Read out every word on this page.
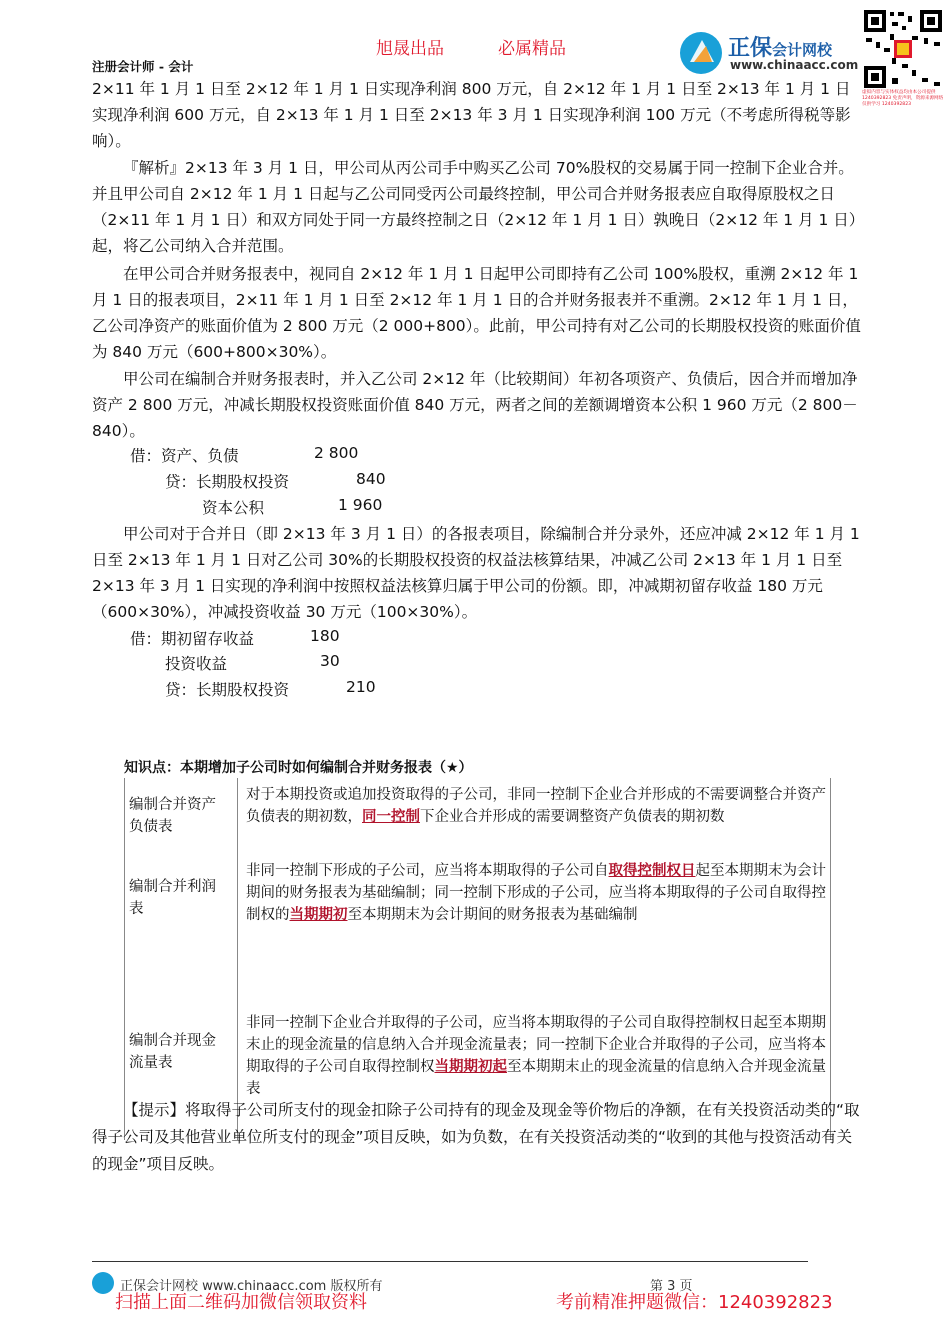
旭晟出品	必属精品
注册会计师 - 会计
正保会计网校
www.chinaacc.com
虚拟内容与实体权益均由本公司提供 1240392823 免责声明，资源来源网络仅供学习 1240392823

2×11 年 1 月 1 日至 2×12 年 1 月 1 日实现净利润 800 万元，自 2×12 年 1 月 1 日至 2×13 年 1 月 1 日实现净利润 600 万元，自 2×13 年 1 月 1 日至 2×13 年 3 月 1 日实现净利润 100 万元（不考虑所得税等影响）。

『解析』2×13 年 3 月 1 日，甲公司从丙公司手中购买乙公司 70%股权的交易属于同一控制下企业合并。并且甲公司自 2×12 年 1 月 1 日起与乙公司同受丙公司最终控制，甲公司合并财务报表应自取得原股权之日（2×11 年 1 月 1 日）和双方同处于同一方最终控制之日（2×12 年 1 月 1 日）孰晚日（2×12 年 1 月 1 日）起，将乙公司纳入合并范围。

在甲公司合并财务报表中，视同自 2×12 年 1 月 1 日起甲公司即持有乙公司 100%股权，重溯 2×12 年 1 月 1 日的报表项目，2×11 年 1 月 1 日至 2×12 年 1 月 1 日的合并财务报表并不重溯。2×12 年 1 月 1 日，乙公司净资产的账面价值为 2 800 万元（2 000+800）。此前，甲公司持有对乙公司的长期股权投资的账面价值为 840 万元（600+800×30%）。

甲公司在编制合并财务报表时，并入乙公司 2×12 年（比较期间）年初各项资产、负债后，因合并而增加净资产 2 800 万元，冲减长期股权投资账面价值 840 万元，两者之间的差额调增资本公积 1 960 万元（2 800－840）。

借：资产、负债	2 800
贷：长期股权投资	840
资本公积	1 960

甲公司对于合并日（即 2×13 年 3 月 1 日）的各报表项目，除编制合并分录外，还应冲减 2×12 年 1 月 1 日至 2×13 年 1 月 1 日对乙公司 30%的长期股权投资的权益法核算结果，冲减乙公司 2×13 年 1 月 1 日至 2×13 年 3 月 1 日实现的净利润中按照权益法核算归属于甲公司的份额。即，冲减期初留存收益 180 万元（600×30%），冲减投资收益 30 万元（100×30%）。

借：期初留存收益	180
投资收益	30
贷：长期股权投资	210
知识点：本期增加子公司时如何编制合并财务报表（★）
编制合并资产负债表	对于本期投资或追加投资取得的子公司，非同一控制下企业合并形成的不需要调整合并资产负债表的期初数，同一控制下企业合并形成的需要调整资产负债表的期初数
编制合并利润表	非同一控制下形成的子公司，应当将本期取得的子公司自取得控制权日起至本期期末为会计期间的财务报表为基础编制；同一控制下形成的子公司，应当将本期取得的子公司自取得控制权的当期期初至本期期末为会计期间的财务报表为基础编制
编制合并现金流量表	非同一控制下企业合并取得的子公司，应当将本期取得的子公司自取得控制权日起至本期期末止的现金流量的信息纳入合并现金流量表；同一控制下企业合并取得的子公司，应当将本期取得的子公司自取得控制权当期期初起至本期期末止的现金流量的信息纳入合并现金流量表
【提示】将取得子公司所支付的现金扣除子公司持有的现金及现金等价物后的净额，在有关投资活动类的“取得子公司及其他营业单位所支付的现金”项目反映，如为负数，在有关投资活动类的“收到的其他与投资活动有关的现金”项目反映。
正保会计网校 www.chinaacc.com 版权所有	第 3 页
扫描上面二维码加微信领取资料	考前精准押题微信：1240392823
